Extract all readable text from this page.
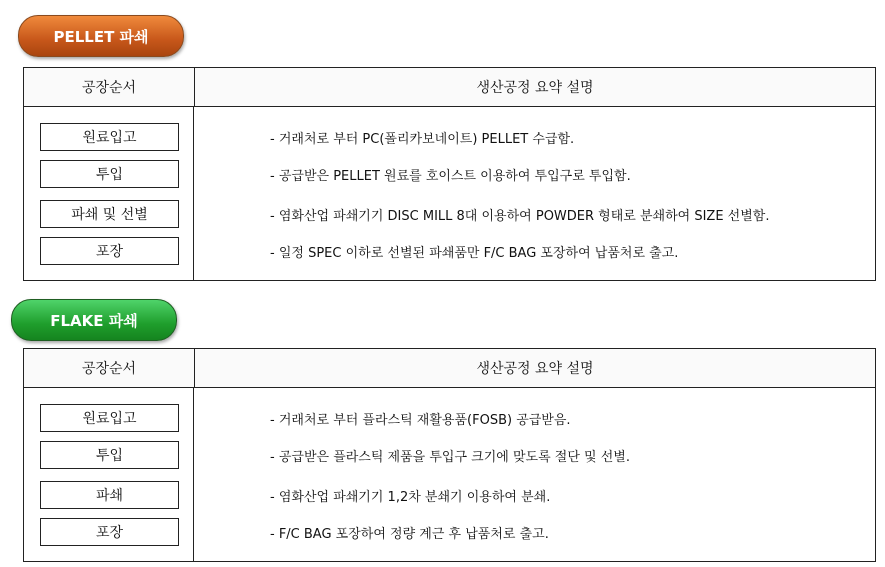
PELLET 파쇄
공장순서	생산공정 요약 설명
원료입고
투입
파쇄 및 선별
포장
- 거래처로 부터 PC(폴리카보네이트) PELLET 수급함.
- 공급받은 PELLET 원료를 호이스트 이용하여 투입구로 투입함.
- 염화산업 파쇄기기 DISC MILL 8대 이용하여 POWDER 형태로 분쇄하여 SIZE 선별함.
- 일정 SPEC 이하로 선별된 파쇄품만 F/C BAG 포장하여 납품처로 출고.
FLAKE 파쇄
공장순서	생산공정 요약 설명
원료입고
투입
파쇄
포장
- 거래처로 부터 플라스틱 재활용품(FOSB) 공급받음.
- 공급받은 플라스틱 제품을 투입구 크기에 맞도록 절단 및 선별.
- 염화산업 파쇄기기 1,2차 분쇄기 이용하여 분쇄.
- F/C BAG 포장하여 정량 계근 후 납품처로 출고.
